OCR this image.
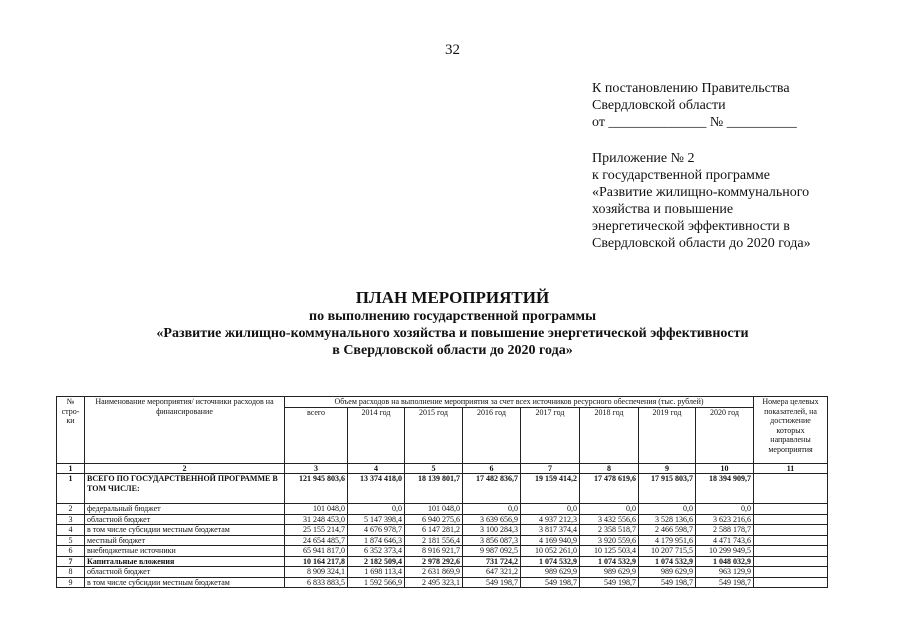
32
К постановлению Правительства
Свердловской области
от ______________ № __________
Приложение № 2
к государственной программе
«Развитие жилищно-коммунального
хозяйства и повышение
энергетической эффективности в
Свердловской области до 2020 года»
ПЛАН МЕРОПРИЯТИЙ
по выполнению государственной программы
«Развитие жилищно-коммунального хозяйства и повышение энергетической эффективности
в Свердловской области до 2020 года»
№ стро-ки	Наименование мероприятия/ источники расходов на финансирование	Объем расходов на выполнение мероприятия за счет всех источников ресурсного обеспечения (тыс. рублей)								Номера целевых показателей, на достижение которых направлены мероприятия
		всего	2014 год	2015 год	2016 год	2017 год	2018 год	2019 год	2020 год	
1	2	3	4	5	6	7	8	9	10	11
1	ВСЕГО ПО ГОСУДАРСТВЕННОЙ ПРОГРАММЕ В ТОМ ЧИСЛЕ:	121 945 803,6	13 374 418,0	18 139 801,7	17 482 836,7	19 159 414,2	17 478 619,6	17 915 803,7	18 394 909,7	
2	федеральный бюджет	101 048,0	0,0	101 048,0	0,0	0,0	0,0	0,0	0,0	
3	областной бюджет	31 248 453,0	5 147 398,4	6 940 275,6	3 639 656,9	4 937 212,3	3 432 556,6	3 528 136,6	3 623 216,6	
4	в том числе субсидии местным бюджетам	25 155 214,7	4 676 978,7	6 147 281,2	3 100 284,3	3 817 374,4	2 358 518,7	2 466 598,7	2 588 178,7	
5	местный бюджет	24 654 485,7	1 874 646,3	2 181 556,4	3 856 087,3	4 169 940,9	3 920 559,6	4 179 951,6	4 471 743,6	
6	внебюджетные источники	65 941 817,0	6 352 373,4	8 916 921,7	9 987 092,5	10 052 261,0	10 125 503,4	10 207 715,5	10 299 949,5	
7	Капитальные вложения	10 164 217,8	2 182 509,4	2 978 292,6	731 724,2	1 074 532,9	1 074 532,9	1 074 532,9	1 048 032,9	
8	областной бюджет	8 909 324,1	1 698 113,4	2 631 869,9	647 321,2	989 629,9	989 629,9	989 629,9	963 129,9	
9	в том числе субсидии местным бюджетам	6 833 883,5	1 592 566,9	2 495 323,1	549 198,7	549 198,7	549 198,7	549 198,7	549 198,7	
